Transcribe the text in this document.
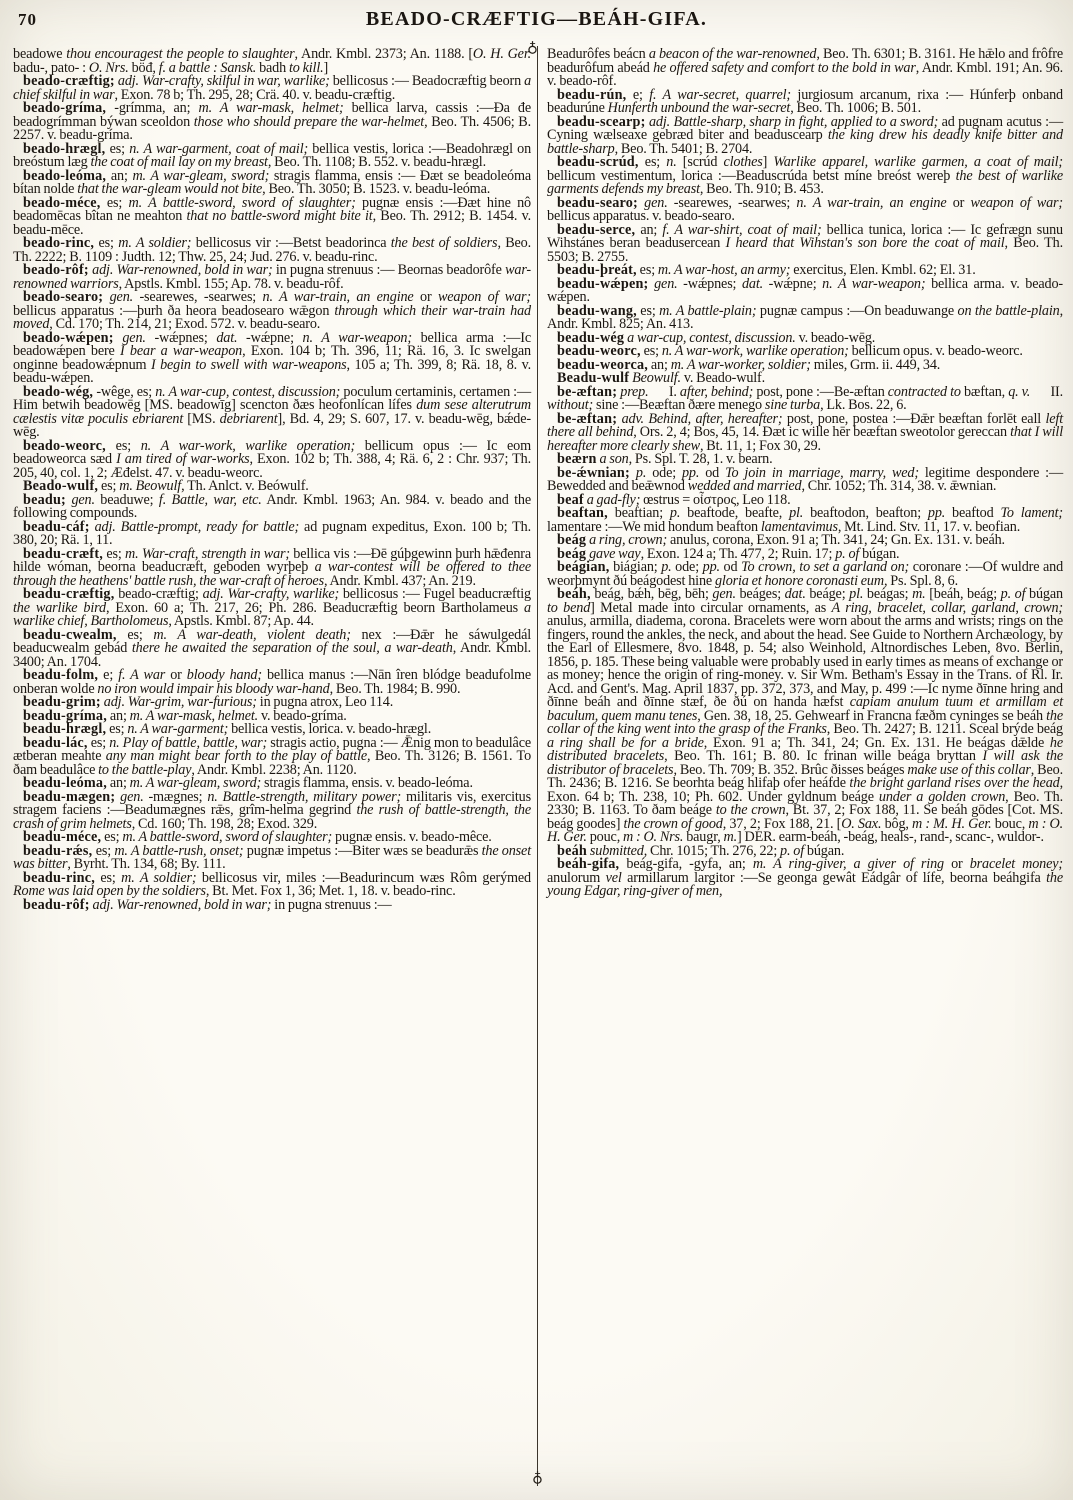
70	BEADO-CRÆFTIG—BEÁH-GIFA.
♁
♁

beadowe thou encouragest the people to slaughter, Andr. Kmbl. 2373; An. 1188. [O. H. Ger. badu-, pato- : O. Nrs. böđ, f. a battle : Sansk. badh to kill.]

beado-cræftig; adj. War-crafty, skilful in war, warlike; bellicosus :— Beadocræftig beorn a chief skilful in war, Exon. 78 b; Th. 295, 28; Crä. 40. v. beadu-cræftig.

beado-gríma, -grímma, an; m. A war-mask, helmet; bellica larva, cassis :—Ða đe beadogrímman býwan sceoldon those who should prepare the war-helmet, Beo. Th. 4506; B. 2257. v. beadu-gríma.

beado-hrægl, es; n. A war-garment, coat of mail; bellica vestis, lorica :—Beadohrægl on breóstum læg the coat of mail lay on my breast, Beo. Th. 1108; B. 552. v. beadu-hrægl.

beado-leóma, an; m. A war-gleam, sword; stragis flamma, ensis :— Ðæt se beadoleóma bítan nolde that the war-gleam would not bite, Beo. Th. 3050; B. 1523. v. beadu-leóma.

beado-méce, es; m. A battle-sword, sword of slaughter; pugnæ ensis :—Ðæt hine nô beadomēcas bîtan ne meahton that no battle-sword might bite it, Beo. Th. 2912; B. 1454. v. beadu-mēce.

beado-rinc, es; m. A soldier; bellicosus vir :—Betst beadorinca the best of soldiers, Beo. Th. 2222; B. 1109 : Judth. 12; Thw. 25, 24; Jud. 276. v. beadu-rinc.

beado-rôf; adj. War-renowned, bold in war; in pugna strenuus :— Beornas beadorôfe war-renowned warriors, Apstls. Kmbl. 155; Ap. 78. v. beadu-rôf.

beado-searo; gen. -searewes, -searwes; n. A war-train, an engine or weapon of war; bellicus apparatus :—þurh ða heora beadosearo wǣgon through which their war-train had moved, Cd. 170; Th. 214, 21; Exod. 572. v. beadu-searo.

beado-wǽpen; gen. -wǽpnes; dat. -wǽpne; n. A war-weapon; bellica arma :—Ic beadowǽpen bere I bear a war-weapon, Exon. 104 b; Th. 396, 11; Rä. 16, 3. Ic swelgan onginne beadowǽpnum I begin to swell with war-weapons, 105 a; Th. 399, 8; Rä. 18, 8. v. beadu-wǽpen.

beado-wég, -wêge, es; n. A war-cup, contest, discussion; poculum certaminis, certamen :—Him betwih beadowēg [MS. beadowīg] scencton ðæs heofonlícan lífes dum sese alterutrum cælestis vitæ poculis ebriarent [MS. debriarent], Bd. 4, 29; S. 607, 17. v. beadu-wēg, bǽde-wēg.

beado-weorc, es; n. A war-work, warlike operation; bellicum opus :— Ic eom beadoweorca sæd I am tired of war-works, Exon. 102 b; Th. 388, 4; Rä. 6, 2 : Chr. 937; Th. 205, 40, col. 1, 2; Æđelst. 47. v. beadu-weorc.

Beado-wulf, es; m. Beowulf, Th. Anlct. v. Beówulf.

beadu; gen. beaduwe; f. Battle, war, etc. Andr. Kmbl. 1963; An. 984. v. beado and the following compounds.

beadu-cáf; adj. Battle-prompt, ready for battle; ad pugnam expeditus, Exon. 100 b; Th. 380, 20; Rä. 1, 11.

beadu-cræft, es; m. War-craft, strength in war; bellica vis :—Ðē gúþgewinn þurh hǣđenra hilde wóman, beorna beaducræft, geboden wyrþeþ a war-contest will be offered to thee through the heathens' battle rush, the war-craft of heroes, Andr. Kmbl. 437; An. 219.

beadu-cræftig, beado-cræftig; adj. War-crafty, warlike; bellicosus :— Fugel beaducræftig the warlike bird, Exon. 60 a; Th. 217, 26; Ph. 286. Beaducræftig beorn Bartholameus a warlike chief, Bartholomeus, Apstls. Kmbl. 87; Ap. 44.

beadu-cwealm, es; m. A war-death, violent death; nex :—Ðǣr he sáwulgedál beaducwealm gebád there he awaited the separation of the soul, a war-death, Andr. Kmbl. 3400; An. 1704.

beadu-folm, e; f. A war or bloody hand; bellica manus :—Nān îren blódge beadufolme onberan wolde no iron would impair his bloody war-hand, Beo. Th. 1984; B. 990.

beadu-grim; adj. War-grim, war-furious; in pugna atrox, Leo 114.

beadu-gríma, an; m. A war-mask, helmet. v. beado-gríma.

beadu-hrægl, es; n. A war-garment; bellica vestis, lorica. v. beado-hrægl.

beadu-lác, es; n. Play of battle, battle, war; stragis actio, pugna :— Ǣnig mon to beadulâce ætberan meahte any man might bear forth to the play of battle, Beo. Th. 3126; B. 1561. To ðam beadulâce to the battle-play, Andr. Kmbl. 2238; An. 1120.

beadu-leóma, an; m. A war-gleam, sword; stragis flamma, ensis. v. beado-leóma.

beadu-mægen; gen. -mægnes; n. Battle-strength, military power; militaris vis, exercitus stragem faciens :—Beadumægnes rǣs, grîm-helma gegrind the rush of battle-strength, the crash of grim helmets, Cd. 160; Th. 198, 28; Exod. 329.

beadu-méce, es; m. A battle-sword, sword of slaughter; pugnæ ensis. v. beado-mêce.

beadu-rǽs, es; m. A battle-rush, onset; pugnæ impetus :—Biter wæs se beadurǣs the onset was bitter, Byrht. Th. 134, 68; By. 111.

beadu-rinc, es; m. A soldier; bellicosus vir, miles :—Beadurincum wæs Rôm gerýmed Rome was laid open by the soldiers, Bt. Met. Fox 1, 36; Met. 1, 18. v. beado-rinc.

beadu-rôf; adj. War-renowned, bold in war; in pugna strenuus :—

Beadurôfes beácn a beacon of the war-renowned, Beo. Th. 6301; B. 3161. He hǣlo and frôfre beadurôfum abeád he offered safety and comfort to the bold in war, Andr. Kmbl. 191; An. 96. v. beado-rôf.

beadu-rún, e; f. A war-secret, quarrel; jurgiosum arcanum, rixa :— Húnferþ onband beadurúne Hunferth unbound the war-secret, Beo. Th. 1006; B. 501.

beadu-scearp; adj. Battle-sharp, sharp in fight, applied to a sword; ad pugnam acutus :—Cyning wælseaxe gebræd biter and beaduscearp the king drew his deadly knife bitter and battle-sharp, Beo. Th. 5401; B. 2704.

beadu-scrúd, es; n. [scrúd clothes] Warlike apparel, warlike garmen, a coat of mail; bellicum vestimentum, lorica :—Beaduscrúda betst míne breóst wereþ the best of warlike garments defends my breast, Beo. Th. 910; B. 453.

beadu-searo; gen. -searewes, -searwes; n. A war-train, an engine or weapon of war; bellicus apparatus. v. beado-searo.

beadu-serce, an; f. A war-shirt, coat of mail; bellica tunica, lorica :— Ic gefrægn sunu Wihstánes beran beadusercean I heard that Wihstan's son bore the coat of mail, Beo. Th. 5503; B. 2755.

beadu-þreát, es; m. A war-host, an army; exercitus, Elen. Kmbl. 62; El. 31.

beadu-wǽpen; gen. -wǽpnes; dat. -wǽpne; n. A war-weapon; bellica arma. v. beado-wǽpen.

beadu-wang, es; m. A battle-plain; pugnæ campus :—On beaduwange on the battle-plain, Andr. Kmbl. 825; An. 413.

beadu-wég a war-cup, contest, discussion. v. beado-wēg.

beadu-weorc, es; n. A war-work, warlike operation; bellicum opus. v. beado-weorc.

beadu-weorca, an; m. A war-worker, soldier; miles, Grm. ii. 449, 34.

Beadu-wulf Beowulf. v. Beado-wulf.

be-æftan; prep.   I. after, behind; post, pone :—Be-æftan contracted to bæftan, q. v.   II. without; sine :—Beæftan ðære menego sine turba, Lk. Bos. 22, 6.

be-æftan; adv. Behind, after, hereafter; post, pone, postea :—Ðǣr beæftan forlēt eall left there all behind, Ors. 2, 4; Bos, 45, 14. Ðæt ic wille hēr beæftan sweotolor gereccan that I will hereafter more clearly shew, Bt. 11, 1; Fox 30, 29.

beærn a son, Ps. Spl. T. 28, 1. v. bearn.

be-ǽwnian; p. ode; pp. od To join in marriage, marry, wed; legitime despondere :—Bewedded and beǣwnod wedded and married, Chr. 1052; Th. 314, 38. v. ǣwnian.

beaf a gad-fly; œstrus = οἶστρος, Leo 118.

beaftan, beaftian; p. beaftode, beafte, pl. beaftodon, beafton; pp. beaftod To lament; lamentare :—We mid hondum beafton lamentavimus, Mt. Lind. Stv. 11, 17. v. beofian.

beág a ring, crown; anulus, corona, Exon. 91 a; Th. 341, 24; Gn. Ex. 131. v. beáh.

beág gave way, Exon. 124 a; Th. 477, 2; Ruin. 17; p. of búgan.

beágian, biágian; p. ode; pp. od To crown, to set a garland on; coronare :—Of wuldre and weorþmynt ðú beágodest hine gloria et honore coronasti eum, Ps. Spl. 8, 6.

beáh, beág, bǽh, bēg, bēh; gen. beáges; dat. beáge; pl. beágas; m. [beáh, beág; p. of búgan to bend] Metal made into circular ornaments, as A ring, bracelet, collar, garland, crown; anulus, armilla, diadema, corona. Bracelets were worn about the arms and wrists; rings on the fingers, round the ankles, the neck, and about the head. See Guide to Northern Archæology, by the Earl of Ellesmere, 8vo. 1848, p. 54; also Weinhold, Altnordisches Leben, 8vo. Berlin, 1856, p. 185. These being valuable were probably used in early times as means of exchange or as money; hence the origin of ring-money. v. Sir Wm. Betham's Essay in the Trans. of Rl. Ir. Acd. and Gent's. Mag. April 1837, pp. 372, 373, and May, p. 499 :—Ic nyme ðīnne hring and ðīnne beáh and ðīnne stæf, ðe ðú on handa hæfst capiam anulum tuum et armillam et baculum, quem manu tenes, Gen. 38, 18, 25. Gehwearf in Francna fæðm cyninges se beáh the collar of the king went into the grasp of the Franks, Beo. Th. 2427; B. 1211. Sceal brýde beág a ring shall be for a bride, Exon. 91 a; Th. 341, 24; Gn. Ex. 131. He beágas dǣlde he distributed bracelets, Beo. Th. 161; B. 80. Ic frinan wille beága bryttan I will ask the distributor of bracelets, Beo. Th. 709; B. 352. Brûc ðisses beáges make use of this collar, Beo. Th. 2436; B. 1216. Se beorhta beág hlifaþ ofer heáfde the bright garland rises over the head, Exon. 64 b; Th. 238, 10; Ph. 602. Under gyldnum beáge under a golden crown, Beo. Th. 2330; B. 1163. To ðam beáge to the crown, Bt. 37, 2; Fox 188, 11. Se beáh gōdes [Cot. MS. beág goodes] the crown of good, 37, 2; Fox 188, 21. [O. Sax. bôg, m : M. H. Ger. bouc, m : O. H. Ger. pouc, m : O. Nrs. baugr, m.] DER. earm-beáh, -beág, heals-, rand-, scanc-, wuldor-.

beáh submitted, Chr. 1015; Th. 276, 22; p. of búgan.

beáh-gifa, beág-gifa, -gyfa, an; m. A ring-giver, a giver of ring or bracelet money; anulorum vel armillarum largitor :—Se geonga gewât Eádgâr of lífe, beorna beáhgifa the young Edgar, ring-giver of men,
